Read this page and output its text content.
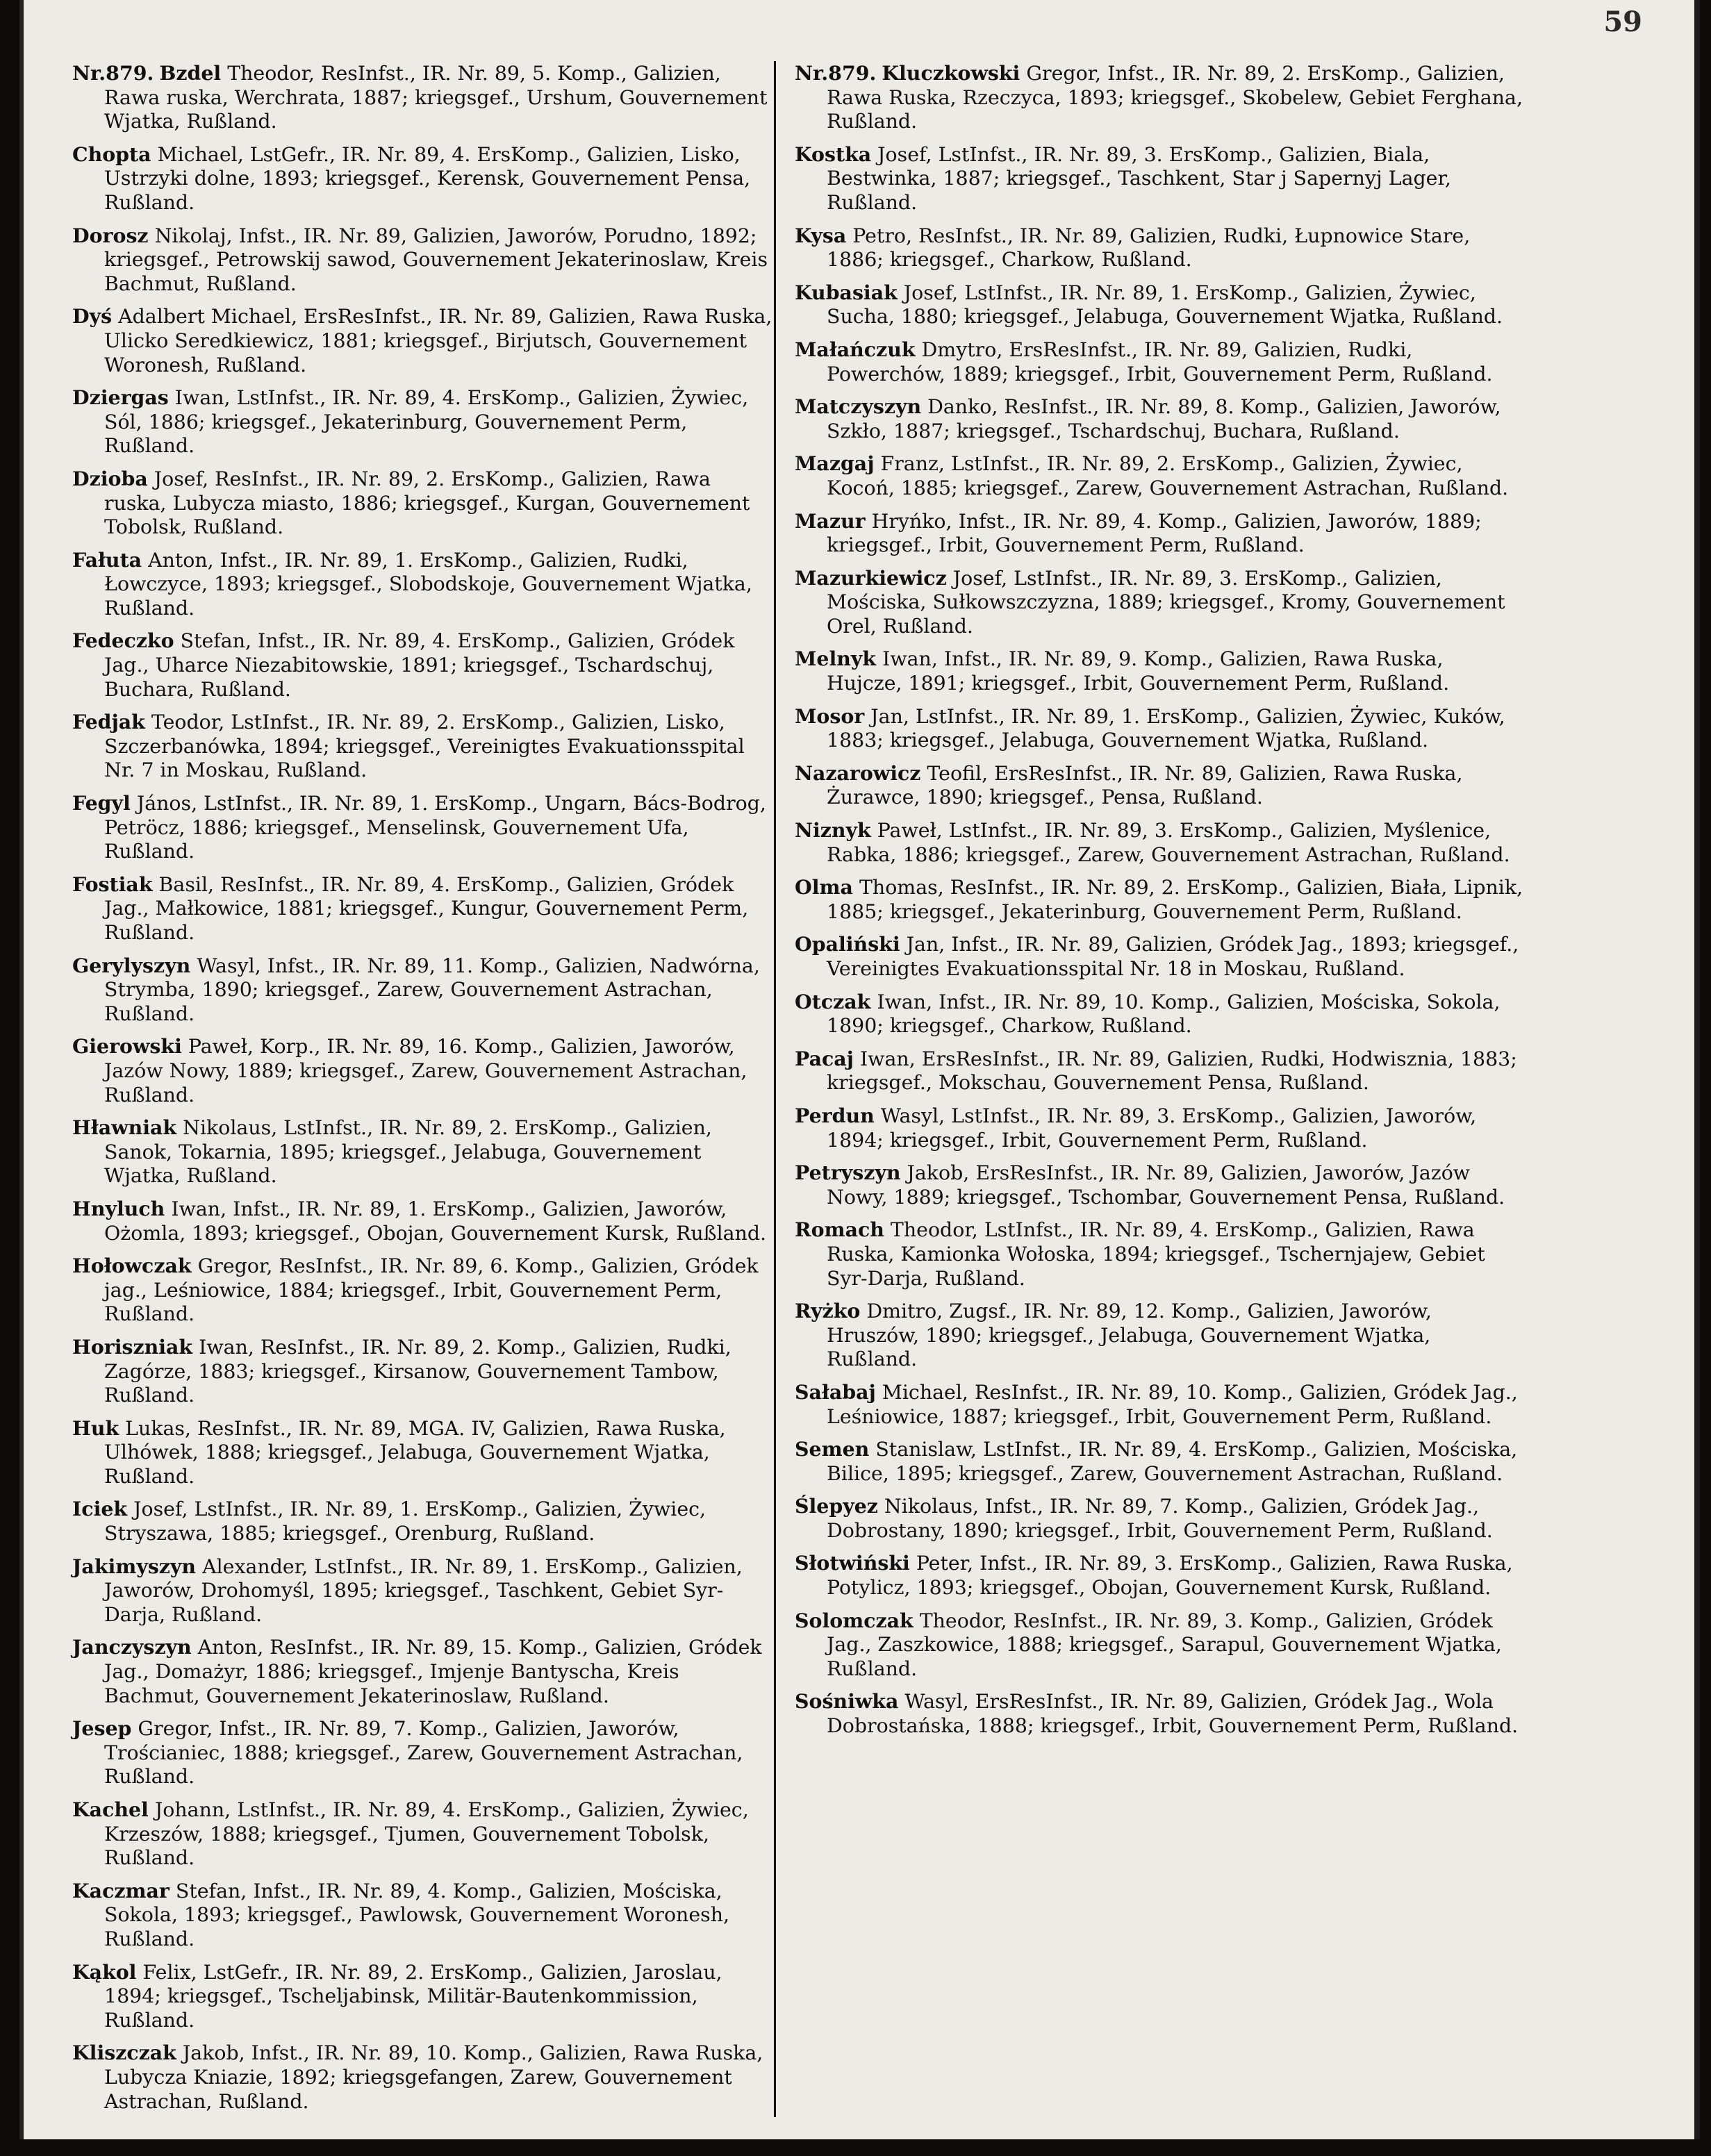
59

Nr.879. Bzdel Theodor, ResInfst., IR. Nr. 89, 5. Komp., Galizien, Rawa ruska, Werchrata, 1887; kriegsgef., Urshum, Gouvernement Wjatka, Rußland.

Chopta Michael, LstGefr., IR. Nr. 89, 4. ErsKomp., Galizien, Lisko, Ustrzyki dolne, 1893; kriegsgef., Kerensk, Gouvernement Pensa, Rußland.

Dorosz Nikolaj, Infst., IR. Nr. 89, Galizien, Jaworów, Porudno, 1892; kriegsgef., Petrowskij sawod, Gouvernement Jekaterinoslaw, Kreis Bachmut, Rußland.

Dyś Adalbert Michael, ErsResInfst., IR. Nr. 89, Galizien, Rawa Ruska, Ulicko Seredkiewicz, 1881; kriegsgef., Birjutsch, Gouvernement Woronesh, Rußland.

Dziergas Iwan, LstInfst., IR. Nr. 89, 4. ErsKomp., Galizien, Żywiec, Sól, 1886; kriegsgef., Jekaterinburg, Gouvernement Perm, Rußland.

Dzioba Josef, ResInfst., IR. Nr. 89, 2. ErsKomp., Galizien, Rawa ruska, Lubycza miasto, 1886; kriegsgef., Kurgan, Gouvernement Tobolsk, Rußland.

Fałuta Anton, Infst., IR. Nr. 89, 1. ErsKomp., Galizien, Rudki, Łowczyce, 1893; kriegsgef., Slobodskoje, Gouvernement Wjatka, Rußland.

Fedeczko Stefan, Infst., IR. Nr. 89, 4. ErsKomp., Galizien, Gródek Jag., Uharce Niezabitowskie, 1891; kriegsgef., Tschardschuj, Buchara, Rußland.

Fedjak Teodor, LstInfst., IR. Nr. 89, 2. ErsKomp., Galizien, Lisko, Szczerbanówka, 1894; kriegsgef., Vereinigtes Evakuationsspital Nr. 7 in Moskau, Rußland.

Fegyl János, LstInfst., IR. Nr. 89, 1. ErsKomp., Ungarn, Bács-Bodrog, Petröcz, 1886; kriegsgef., Menselinsk, Gouvernement Ufa, Rußland.

Fostiak Basil, ResInfst., IR. Nr. 89, 4. ErsKomp., Galizien, Gródek Jag., Małkowice, 1881; kriegsgef., Kungur, Gouvernement Perm, Rußland.

Gerylyszyn Wasyl, Infst., IR. Nr. 89, 11. Komp., Galizien, Nadwórna, Strymba, 1890; kriegsgef., Zarew, Gouvernement Astrachan, Rußland.

Gierowski Paweł, Korp., IR. Nr. 89, 16. Komp., Galizien, Jaworów, Jazów Nowy, 1889; kriegsgef., Zarew, Gouvernement Astrachan, Rußland.

Hławniak Nikolaus, LstInfst., IR. Nr. 89, 2. ErsKomp., Galizien, Sanok, Tokarnia, 1895; kriegsgef., Jelabuga, Gouvernement Wjatka, Rußland.

Hnyluch Iwan, Infst., IR. Nr. 89, 1. ErsKomp., Galizien, Jaworów, Ożomla, 1893; kriegsgef., Obojan, Gouvernement Kursk, Rußland.

Hołowczak Gregor, ResInfst., IR. Nr. 89, 6. Komp., Galizien, Gródek jag., Leśniowice, 1884; kriegsgef., Irbit, Gouvernement Perm, Rußland.

Horiszniak Iwan, ResInfst., IR. Nr. 89, 2. Komp., Galizien, Rudki, Zagórze, 1883; kriegsgef., Kirsanow, Gouvernement Tambow, Rußland.

Huk Lukas, ResInfst., IR. Nr. 89, MGA. IV, Galizien, Rawa Ruska, Ulhówek, 1888; kriegsgef., Jelabuga, Gouvernement Wjatka, Rußland.

Iciek Josef, LstInfst., IR. Nr. 89, 1. ErsKomp., Galizien, Żywiec, Stryszawa, 1885; kriegsgef., Orenburg, Rußland.

Jakimyszyn Alexander, LstInfst., IR. Nr. 89, 1. ErsKomp., Galizien, Jaworów, Drohomyśl, 1895; kriegsgef., Taschkent, Gebiet Syr-Darja, Rußland.

Janczyszyn Anton, ResInfst., IR. Nr. 89, 15. Komp., Galizien, Gródek Jag., Domażyr, 1886; kriegsgef., Imjenje Bantyscha, Kreis Bachmut, Gouvernement Jekaterinoslaw, Rußland.

Jesep Gregor, Infst., IR. Nr. 89, 7. Komp., Galizien, Jaworów, Trościaniec, 1888; kriegsgef., Zarew, Gouvernement Astrachan, Rußland.

Kachel Johann, LstInfst., IR. Nr. 89, 4. ErsKomp., Galizien, Żywiec, Krzeszów, 1888; kriegsgef., Tjumen, Gouvernement Tobolsk, Rußland.

Kaczmar Stefan, Infst., IR. Nr. 89, 4. Komp., Galizien, Mościska, Sokola, 1893; kriegsgef., Pawlowsk, Gouvernement Woronesh, Rußland.

Kąkol Felix, LstGefr., IR. Nr. 89, 2. ErsKomp., Galizien, Jaroslau, 1894; kriegsgef., Tscheljabinsk, Militär-Bautenkommission, Rußland.

Kliszczak Jakob, Infst., IR. Nr. 89, 10. Komp., Galizien, Rawa Ruska, Lubycza Kniazie, 1892; kriegsgefangen, Zarew, Gouvernement Astrachan, Rußland.

Nr.879. Kluczkowski Gregor, Infst., IR. Nr. 89, 2. ErsKomp., Galizien, Rawa Ruska, Rzeczyca, 1893; kriegsgef., Skobelew, Gebiet Ferghana, Rußland.

Kostka Josef, LstInfst., IR. Nr. 89, 3. ErsKomp., Galizien, Biala, Bestwinka, 1887; kriegsgef., Taschkent, Star j Sapernyj Lager, Rußland.

Kysa Petro, ResInfst., IR. Nr. 89, Galizien, Rudki, Łupnowice Stare, 1886; kriegsgef., Charkow, Rußland.

Kubasiak Josef, LstInfst., IR. Nr. 89, 1. ErsKomp., Galizien, Żywiec, Sucha, 1880; kriegsgef., Jelabuga, Gouvernement Wjatka, Rußland.

Małańczuk Dmytro, ErsResInfst., IR. Nr. 89, Galizien, Rudki, Powerchów, 1889; kriegsgef., Irbit, Gouvernement Perm, Rußland.

Matczyszyn Danko, ResInfst., IR. Nr. 89, 8. Komp., Galizien, Jaworów, Szkło, 1887; kriegsgef., Tschardschuj, Buchara, Rußland.

Mazgaj Franz, LstInfst., IR. Nr. 89, 2. ErsKomp., Galizien, Żywiec, Kocoń, 1885; kriegsgef., Zarew, Gouvernement Astrachan, Rußland.

Mazur Hryńko, Infst., IR. Nr. 89, 4. Komp., Galizien, Jaworów, 1889; kriegsgef., Irbit, Gouvernement Perm, Rußland.

Mazurkiewicz Josef, LstInfst., IR. Nr. 89, 3. ErsKomp., Galizien, Mościska, Sułkowszczyzna, 1889; kriegsgef., Kromy, Gouvernement Orel, Rußland.

Melnyk Iwan, Infst., IR. Nr. 89, 9. Komp., Galizien, Rawa Ruska, Hujcze, 1891; kriegsgef., Irbit, Gouvernement Perm, Rußland.

Mosor Jan, LstInfst., IR. Nr. 89, 1. ErsKomp., Galizien, Żywiec, Kuków, 1883; kriegsgef., Jelabuga, Gouvernement Wjatka, Rußland.

Nazarowicz Teofil, ErsResInfst., IR. Nr. 89, Galizien, Rawa Ruska, Żurawce, 1890; kriegsgef., Pensa, Rußland.

Niznyk Paweł, LstInfst., IR. Nr. 89, 3. ErsKomp., Galizien, Myślenice, Rabka, 1886; kriegsgef., Zarew, Gouvernement Astrachan, Rußland.

Olma Thomas, ResInfst., IR. Nr. 89, 2. ErsKomp., Galizien, Biała, Lipnik, 1885; kriegsgef., Jekaterinburg, Gouvernement Perm, Rußland.

Opaliński Jan, Infst., IR. Nr. 89, Galizien, Gródek Jag., 1893; kriegsgef., Vereinigtes Evakuationsspital Nr. 18 in Moskau, Rußland.

Otczak Iwan, Infst., IR. Nr. 89, 10. Komp., Galizien, Mościska, Sokola, 1890; kriegsgef., Charkow, Rußland.

Pacaj Iwan, ErsResInfst., IR. Nr. 89, Galizien, Rudki, Hodwisznia, 1883; kriegsgef., Mokschau, Gouvernement Pensa, Rußland.

Perdun Wasyl, LstInfst., IR. Nr. 89, 3. ErsKomp., Galizien, Jaworów, 1894; kriegsgef., Irbit, Gouvernement Perm, Rußland.

Petryszyn Jakob, ErsResInfst., IR. Nr. 89, Galizien, Jaworów, Jazów Nowy, 1889; kriegsgef., Tschombar, Gouvernement Pensa, Rußland.

Romach Theodor, LstInfst., IR. Nr. 89, 4. ErsKomp., Galizien, Rawa Ruska, Kamionka Wołoska, 1894; kriegsgef., Tschernjajew, Gebiet Syr-Darja, Rußland.

Ryżko Dmitro, Zugsf., IR. Nr. 89, 12. Komp., Galizien, Jaworów, Hruszów, 1890; kriegsgef., Jelabuga, Gouvernement Wjatka, Rußland.

Sałabaj Michael, ResInfst., IR. Nr. 89, 10. Komp., Galizien, Gródek Jag., Leśniowice, 1887; kriegsgef., Irbit, Gouvernement Perm, Rußland.

Semen Stanislaw, LstInfst., IR. Nr. 89, 4. ErsKomp., Galizien, Mościska, Bilice, 1895; kriegsgef., Zarew, Gouvernement Astrachan, Rußland.

Ślepyez Nikolaus, Infst., IR. Nr. 89, 7. Komp., Galizien, Gródek Jag., Dobrostany, 1890; kriegsgef., Irbit, Gouvernement Perm, Rußland.

Słotwiński Peter, Infst., IR. Nr. 89, 3. ErsKomp., Galizien, Rawa Ruska, Potylicz, 1893; kriegsgef., Obojan, Gouvernement Kursk, Rußland.

Solomczak Theodor, ResInfst., IR. Nr. 89, 3. Komp., Galizien, Gródek Jag., Zaszkowice, 1888; kriegsgef., Sarapul, Gouvernement Wjatka, Rußland.

Sośniwka Wasyl, ErsResInfst., IR. Nr. 89, Galizien, Gródek Jag., Wola Dobrostańska, 1888; kriegsgef., Irbit, Gouvernement Perm, Rußland.
